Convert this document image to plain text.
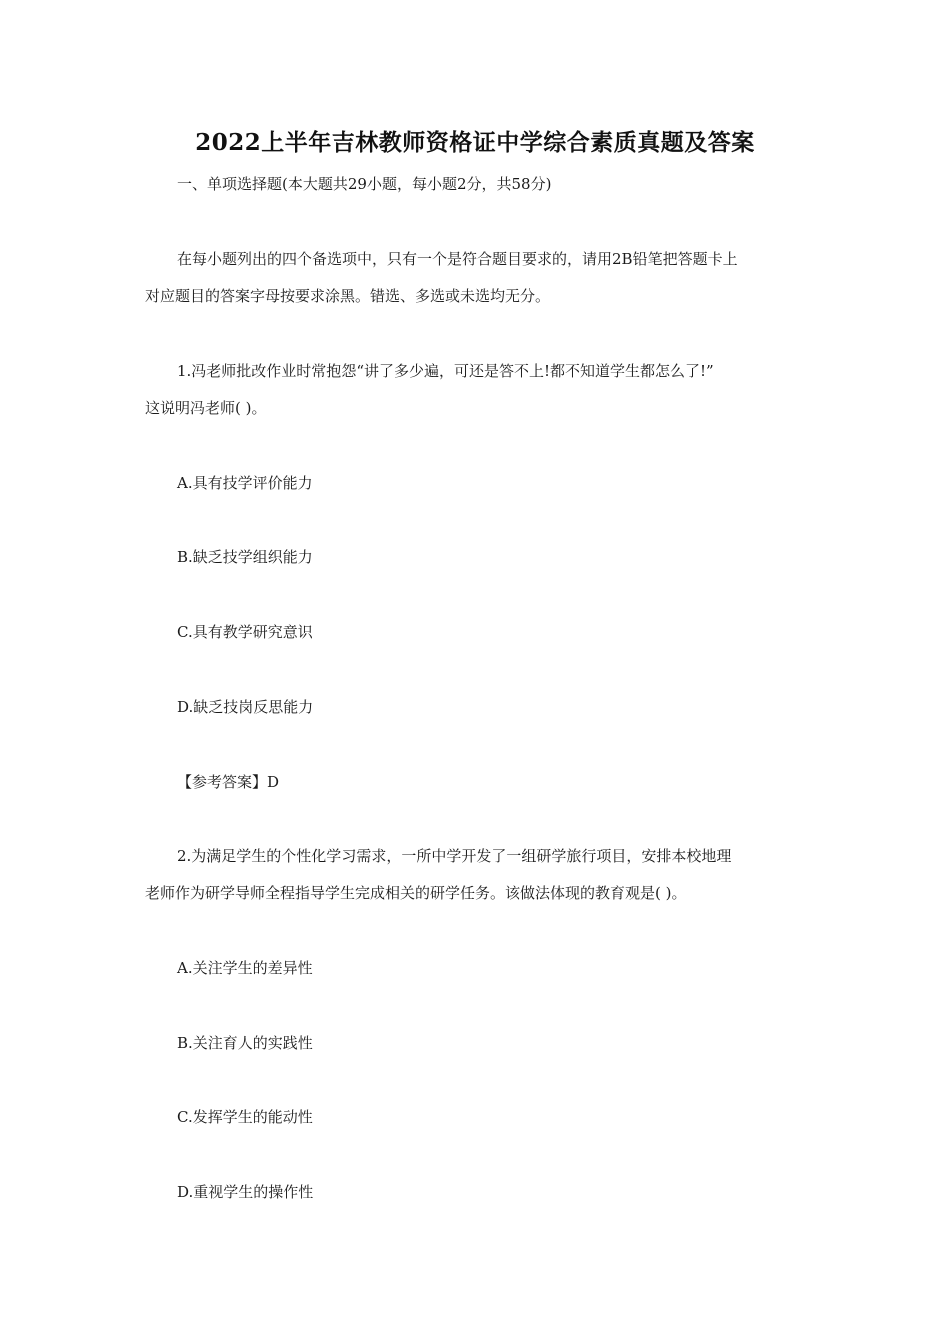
2022上半年吉林教师资格证中学综合素质真题及答案
一、单项选择题(本大题共29小题，每小题2分，共58分)
在每小题列出的四个备选项中，只有一个是符合题目要求的，请用2B铅笔把答题卡上
对应题目的答案字母按要求涂黑。错选、多选或未选均无分。
1.冯老师批改作业时常抱怨“讲了多少遍，可还是答不上!都不知道学生都怎么了!”
这说明冯老师( )。
A.具有技学评价能力
B.缺乏技学组织能力
C.具有教学研究意识
D.缺乏技岗反思能力
【参考答案】D
2.为满足学生的个性化学习需求，一所中学开发了一组研学旅行项目，安排本校地理
老师作为研学导师全程指导学生完成相关的研学任务。该做法体现的教育观是( )。
A.关注学生的差异性
B.关注育人的实践性
C.发挥学生的能动性
D.重视学生的操作性
